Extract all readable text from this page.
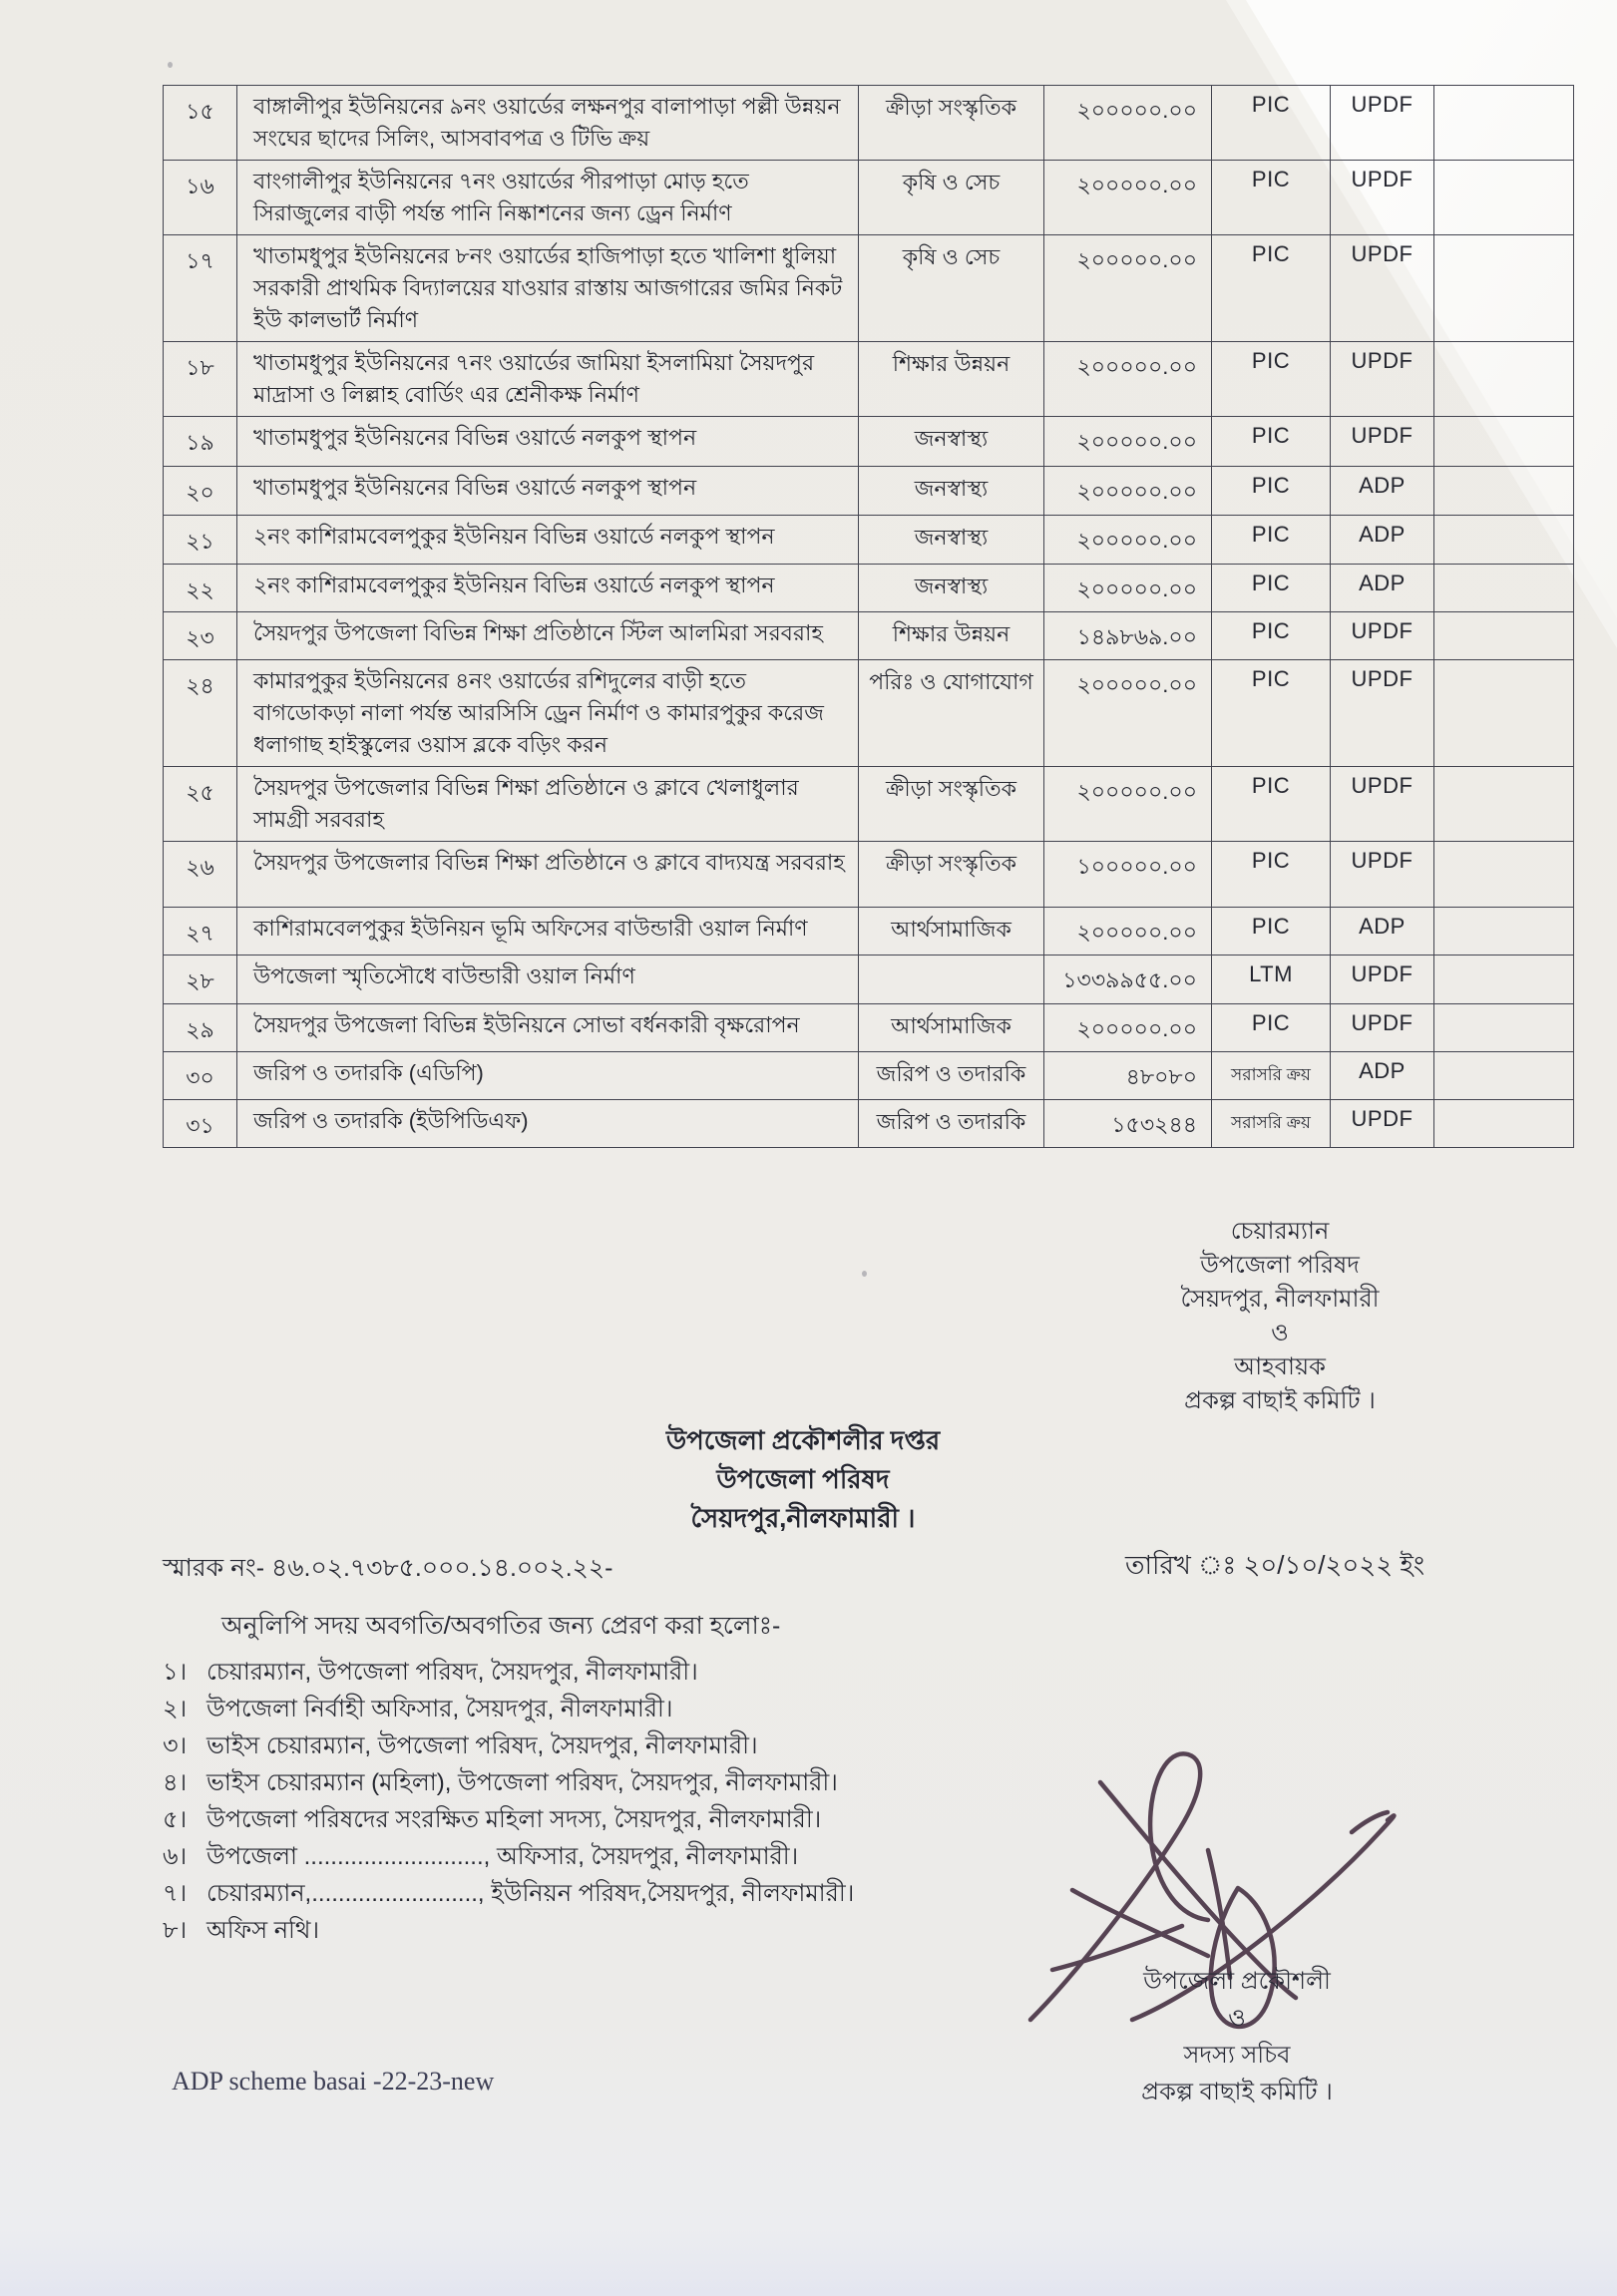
১৫	বাঙ্গালীপুর ইউনিয়নের ৯নং ওয়ার্ডের লক্ষনপুর বালাপাড়া পল্লী উন্নয়ন সংঘের ছাদের সিলিং, আসবাবপত্র ও টিভি ক্রয়	ক্রীড়া সংস্কৃতিক	২০০০০০.০০	PIC	UPDF	
১৬	বাংগালীপুর ইউনিয়নের ৭নং ওয়ার্ডের পীরপাড়া মোড় হতে সিরাজুলের বাড়ী পর্যন্ত পানি নিষ্কাশনের জন্য ড্রেন নির্মাণ	কৃষি ও সেচ	২০০০০০.০০	PIC	UPDF	
১৭	খাতামধুপুর ইউনিয়নের ৮নং ওয়ার্ডের হাজিপাড়া হতে খালিশা ধুলিয়া সরকারী প্রাথমিক বিদ্যালয়ের যাওয়ার রাস্তায় আজগারের জমির নিকট ইউ কালভার্ট নির্মাণ	কৃষি ও সেচ	২০০০০০.০০	PIC	UPDF	
১৮	খাতামধুপুর ইউনিয়নের ৭নং ওয়ার্ডের জামিয়া ইসলামিয়া সৈয়দপুর মাদ্রাসা ও লিল্লাহ বোর্ডিং এর শ্রেনীকক্ষ নির্মাণ	শিক্ষার উন্নয়ন	২০০০০০.০০	PIC	UPDF	
১৯	খাতামধুপুর ইউনিয়নের বিভিন্ন ওয়ার্ডে নলকুপ স্থাপন	জনস্বাস্থ্য	২০০০০০.০০	PIC	UPDF	
২০	খাতামধুপুর ইউনিয়নের বিভিন্ন ওয়ার্ডে নলকুপ স্থাপন	জনস্বাস্থ্য	২০০০০০.০০	PIC	ADP	
২১	২নং কাশিরামবেলপুকুর ইউনিয়ন বিভিন্ন ওয়ার্ডে নলকুপ স্থাপন	জনস্বাস্থ্য	২০০০০০.০০	PIC	ADP	
২২	২নং কাশিরামবেলপুকুর ইউনিয়ন বিভিন্ন ওয়ার্ডে নলকুপ স্থাপন	জনস্বাস্থ্য	২০০০০০.০০	PIC	ADP	
২৩	সৈয়দপুর উপজেলা বিভিন্ন শিক্ষা প্রতিষ্ঠানে স্টিল আলমিরা সরবরাহ	শিক্ষার উন্নয়ন	১৪৯৮৬৯.০০	PIC	UPDF	
২৪	কামারপুকুর ইউনিয়নের ৪নং ওয়ার্ডের রশিদুলের বাড়ী হতে বাগডোকড়া নালা পর্যন্ত আরসিসি ড্রেন নির্মাণ ও কামারপুকুর করেজ ধলাগাছ হাইস্কুলের ওয়াস ব্লকে বড়িং করন	পরিঃ ও যোগাযোগ	২০০০০০.০০	PIC	UPDF	
২৫	সৈয়দপুর উপজেলার বিভিন্ন শিক্ষা প্রতিষ্ঠানে ও ক্লাবে খেলাধুলার সামগ্রী সরবরাহ	ক্রীড়া সংস্কৃতিক	২০০০০০.০০	PIC	UPDF	
২৬	সৈয়দপুর উপজেলার বিভিন্ন শিক্ষা প্রতিষ্ঠানে ও ক্লাবে বাদ্যযন্ত্র সরবরাহ	ক্রীড়া সংস্কৃতিক	১০০০০০.০০	PIC	UPDF	
২৭	কাশিরামবেলপুকুর ইউনিয়ন ভূমি অফিসের বাউন্ডারী ওয়াল নির্মাণ	আর্থসামাজিক	২০০০০০.০০	PIC	ADP	
২৮	উপজেলা স্মৃতিসৌধে বাউন্ডারী ওয়াল নির্মাণ		১৩৩৯৯৫৫.০০	LTM	UPDF	
২৯	সৈয়দপুর উপজেলা বিভিন্ন ইউনিয়নে সোভা বর্ধনকারী বৃক্ষরোপন	আর্থসামাজিক	২০০০০০.০০	PIC	UPDF	
৩০	জরিপ ও তদারকি (এডিপি)	জরিপ ও তদারকি	৪৮০৮০	সরাসরি ক্রয়	ADP	
৩১	জরিপ ও তদারকি (ইউপিডিএফ)	জরিপ ও তদারকি	১৫৩২৪৪	সরাসরি ক্রয়	UPDF	
চেয়ারম্যান
উপজেলা পরিষদ
সৈয়দপুর, নীলফামারী
ও
আহবায়ক
প্রকল্প বাছাই কমিটি ।
উপজেলা প্রকৌশলীর দপ্তর
উপজেলা পরিষদ
সৈয়দপুর,নীলফামারী ।
স্মারক নং- ৪৬.০২.৭৩৮৫.০০০.১৪.০০২.২২-	তারিখ ঃ ২০/১০/২০২২ ইং
অনুলিপি সদয় অবগতি/অবগতির জন্য প্রেরণ করা হলোঃ-
১। চেয়ারম্যান, উপজেলা পরিষদ, সৈয়দপুর, নীলফামারী।
২। উপজেলা নির্বাহী অফিসার, সৈয়দপুর, নীলফামারী।
৩। ভাইস চেয়ারম্যান, উপজেলা পরিষদ, সৈয়দপুর, নীলফামারী।
৪। ভাইস চেয়ারম্যান (মহিলা), উপজেলা পরিষদ, সৈয়দপুর, নীলফামারী।
৫। উপজেলা পরিষদের সংরক্ষিত মহিলা সদস্য, সৈয়দপুর, নীলফামারী।
৬। উপজেলা ..........................., অফিসার, সৈয়দপুর, নীলফামারী।
৭। চেয়ারম্যান,........................., ইউনিয়ন পরিষদ,সৈয়দপুর, নীলফামারী।
৮। অফিস নথি।
উপজেলা প্রকৌশলী
ও
সদস্য সচিব
প্রকল্প বাছাই কমিটি ।
ADP scheme basai -22-23-new
